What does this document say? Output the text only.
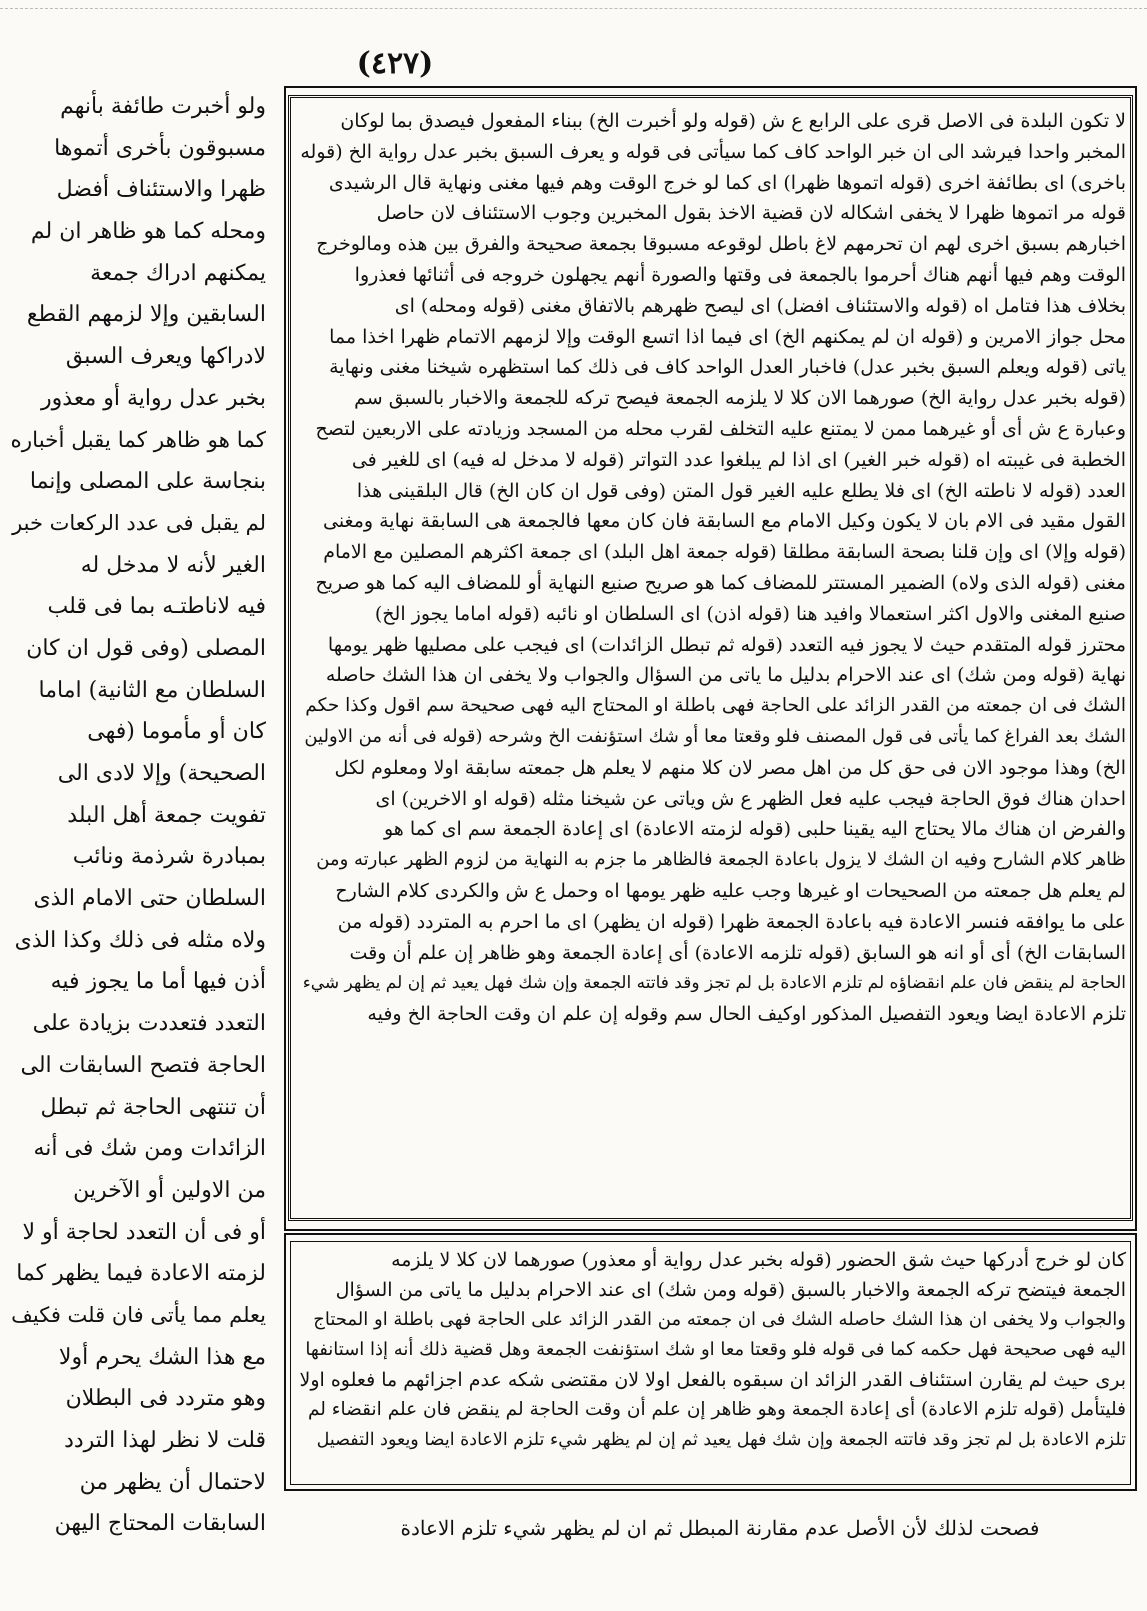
(٤٢٧)
لا تكون البلدة فى الاصل قرى على الرابع ع ش (قوله ولو أخبرت الخ) ببناء المفعول فيصدق بما لوكان
المخبر واحدا فيرشد الى ان خبر الواحد كاف كما سيأتى فى قوله و يعرف السبق بخبر عدل رواية الخ (قوله
باخرى) اى بطائفة اخرى (قوله اتموها ظهرا) اى كما لو خرج الوقت وهم فيها مغنى ونهاية قال الرشيدى
قوله مر اتموها ظهرا لا يخفى اشكاله لان قضية الاخذ بقول المخبرين وجوب الاستئناف لان حاصل
اخبارهم بسبق اخرى لهم ان تحرمهم لاغ باطل لوقوعه مسبوقا بجمعة صحيحة والفرق بين هذه ومالوخرج
الوقت وهم فيها أنهم هناك أحرموا بالجمعة فى وقتها والصورة أنهم يجهلون خروجه فى أثنائها فعذروا
بخلاف هذا فتامل اه (قوله والاستئناف افضل) اى ليصح ظهرهم بالاتفاق مغنى (قوله ومحله) اى
محل جواز الامرين و (قوله ان لم يمكنهم الخ) اى فيما اذا اتسع الوقت وإلا لزمهم الاتمام ظهرا اخذا مما
ياتى (قوله ويعلم السبق بخبر عدل) فاخبار العدل الواحد كاف فى ذلك كما استظهره شيخنا مغنى ونهاية
(قوله بخبر عدل رواية الخ) صورهما الان كلا لا يلزمه الجمعة فيصح تركه للجمعة والاخبار بالسبق سم
وعبارة ع ش أى أو غيرهما ممن لا يمتنع عليه التخلف لقرب محله من المسجد وزيادته على الاربعين لتصح
الخطبة فى غيبته اه (قوله خبر الغير) اى اذا لم يبلغوا عدد التواتر (قوله لا مدخل له فيه) اى للغير فى
العدد (قوله لا ناطته الخ) اى فلا يطلع عليه الغير قول المتن (وفى قول ان كان الخ) قال البلقينى هذا
القول مقيد فى الام بان لا يكون وكيل الامام مع السابقة فان كان معها فالجمعة هى السابقة نهاية ومغنى
(قوله وإلا) اى وإن قلنا بصحة السابقة مطلقا (قوله جمعة اهل البلد) اى جمعة اكثرهم المصلين مع الامام
مغنى (قوله الذى ولاه) الضمير المستتر للمضاف كما هو صريح صنيع النهاية أو للمضاف اليه كما هو صريح
صنيع المغنى والاول اكثر استعمالا وافيد هنا (قوله اذن) اى السلطان او نائبه (قوله اماما يجوز الخ)
محترز قوله المتقدم حيث لا يجوز فيه التعدد (قوله ثم تبطل الزائدات) اى فيجب على مصليها ظهر يومها
نهاية (قوله ومن شك) اى عند الاحرام بدليل ما ياتى من السؤال والجواب ولا يخفى ان هذا الشك حاصله
الشك فى ان جمعته من القدر الزائد على الحاجة فهى باطلة او المحتاج اليه فهى صحيحة سم اقول وكذا حكم
الشك بعد الفراغ كما يأتى فى قول المصنف فلو وقعتا معا أو شك استؤنفت الخ وشرحه (قوله فى أنه من الاولين
الخ) وهذا موجود الان فى حق كل من اهل مصر لان كلا منهم لا يعلم هل جمعته سابقة اولا ومعلوم لكل
احدان هناك فوق الحاجة فيجب عليه فعل الظهر ع ش وياتى عن شيخنا مثله (قوله او الاخرين) اى
والفرض ان هناك مالا يحتاج اليه يقينا حلبى (قوله لزمته الاعادة) اى إعادة الجمعة سم اى كما هو
ظاهر كلام الشارح وفيه ان الشك لا يزول باعادة الجمعة فالظاهر ما جزم به النهاية من لزوم الظهر عبارته ومن
لم يعلم هل جمعته من الصحيحات او غيرها وجب عليه ظهر يومها اه وحمل ع ش والكردى كلام الشارح
على ما يوافقه فنسر الاعادة فيه باعادة الجمعة ظهرا (قوله ان يظهر) اى ما احرم به المتردد (قوله من
السابقات الخ) أى أو انه هو السابق (قوله تلزمه الاعادة) أى إعادة الجمعة وهو ظاهر إن علم أن وقت
الحاجة لم ينقض فان علم انقضاؤه لم تلزم الاعادة بل لم تجز وقد فاتته الجمعة وإن شك فهل يعيد ثم إن لم يظهر شيء
تلزم الاعادة ايضا ويعود التفصيل المذكور اوكيف الحال سم وقوله إن علم ان وقت الحاجة الخ وفيه
كان لو خرج أدركها حيث شق الحضور (قوله بخبر عدل رواية أو معذور) صورهما لان كلا لا يلزمه
الجمعة فيتضح تركه الجمعة والاخبار بالسبق (قوله ومن شك) اى عند الاحرام بدليل ما ياتى من السؤال
والجواب ولا يخفى ان هذا الشك حاصله الشك فى ان جمعته من القدر الزائد على الحاجة فهى باطلة او المحتاج
اليه فهى صحيحة فهل حكمه كما فى قوله فلو وقعتا معا او شك استؤنفت الجمعة وهل قضية ذلك أنه إذا استانفها
برى حيث لم يقارن استئناف القدر الزائد ان سبقوه بالفعل اولا لان مقتضى شكه عدم اجزائهم ما فعلوه اولا
فليتأمل (قوله تلزم الاعادة) أى إعادة الجمعة وهو ظاهر إن علم أن وقت الحاجة لم ينقض فان علم انقضاء لم
تلزم الاعادة بل لم تجز وقد فاتته الجمعة وإن شك فهل يعيد ثم إن لم يظهر شيء تلزم الاعادة ايضا ويعود التفصيل
ولو أخبرت طائفة بأنهم
مسبوقون بأخرى أتموها
ظهرا والاستئناف أفضل
ومحله كما هو ظاهر ان لم
يمكنهم ادراك جمعة
السابقين وإلا لزمهم القطع
لادراكها ويعرف السبق
بخبر عدل رواية أو معذور
كما هو ظاهر كما يقبل أخباره
بنجاسة على المصلى وإنما
لم يقبل فى عدد الركعات خبر
الغير لأنه لا مدخل له
فيه لاناطتـه بما فى قلب
المصلى (وفى قول ان كان
السلطان مع الثانية) اماما
كان أو مأموما (فهى
الصحيحة) وإلا لادى الى
تفويت جمعة أهل البلد
بمبادرة شرذمة ونائب
السلطان حتى الامام الذى
ولاه مثله فى ذلك وكذا الذى
أذن فيها أما ما يجوز فيه
التعدد فتعددت بزيادة على
الحاجة فتصح السابقات الى
أن تنتهى الحاجة ثم تبطل
الزائدات ومن شك فى أنه
من الاولين أو الآخرين
أو فى أن التعدد لحاجة أو لا
لزمته الاعادة فيما يظهر كما
يعلم مما يأتى فان قلت فكيف
مع هذا الشك يحرم أولا
وهو متردد فى البطلان
قلت لا نظر لهذا التردد
لاحتمال أن يظهر من
السابقات المحتاج اليهن	فصحت لذلك لأن الأصل عدم مقارنة المبطل ثم ان لم يظهر شيء تلزم الاعادة
